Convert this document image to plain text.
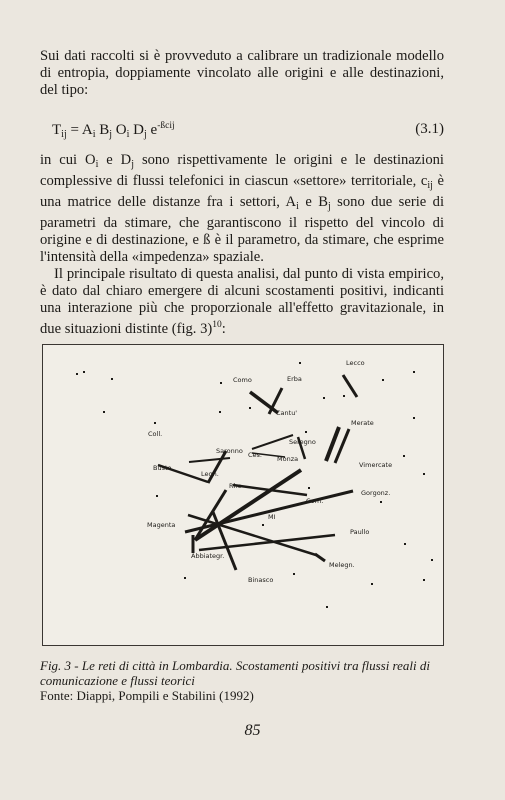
Sui dati raccolti si è provveduto a calibrare un tradizionale modello di entropia, doppiamente vincolato alle origini e alle destinazioni, del tipo:

$T_{ij} = A_i$ $B_j$ $O_i$ $D_j$ $e^{-ßcij}$	(3.1)

in cui $O_i$ e $D_j$ sono rispettivamente le origini e le destinazioni complessive di flussi telefonici in ciascun «settore» territoriale, $c_{ij}$ è una matrice delle distanze fra i settori, $A_i$ e $B_j$ sono due serie di parametri da stimare, che garantiscono il rispetto del vincolo di origine e di destinazione, e ß è il parametro, da stimare, che esprime l'intensità della «impedenza» spaziale.

Il principale risultato di questa analisi, dal punto di vista empirico, è dato dal chiaro emergere di alcuni scostamenti positivi, indicanti una interazione più che proporzionale all'effetto gravitazionale, in due situazioni distinte (fig. 3)$^{10}$:

Lecco
Como	Erba
Cantu'
Merate
Coll.
Seregno
Saronno Ces. Monza
Vimercate
Busto
Legn.
Rho
Gorgonz.
Cern.
MI
Magenta
Paullo
Abbiategr.
Melegn.
Binasco
Fig. 3 - Le reti di città in Lombardia. Scostamenti positivi tra flussi reali di comunicazione e flussi teorici
Fonte: Diappi, Pompili e Stabilini (1992)
85
